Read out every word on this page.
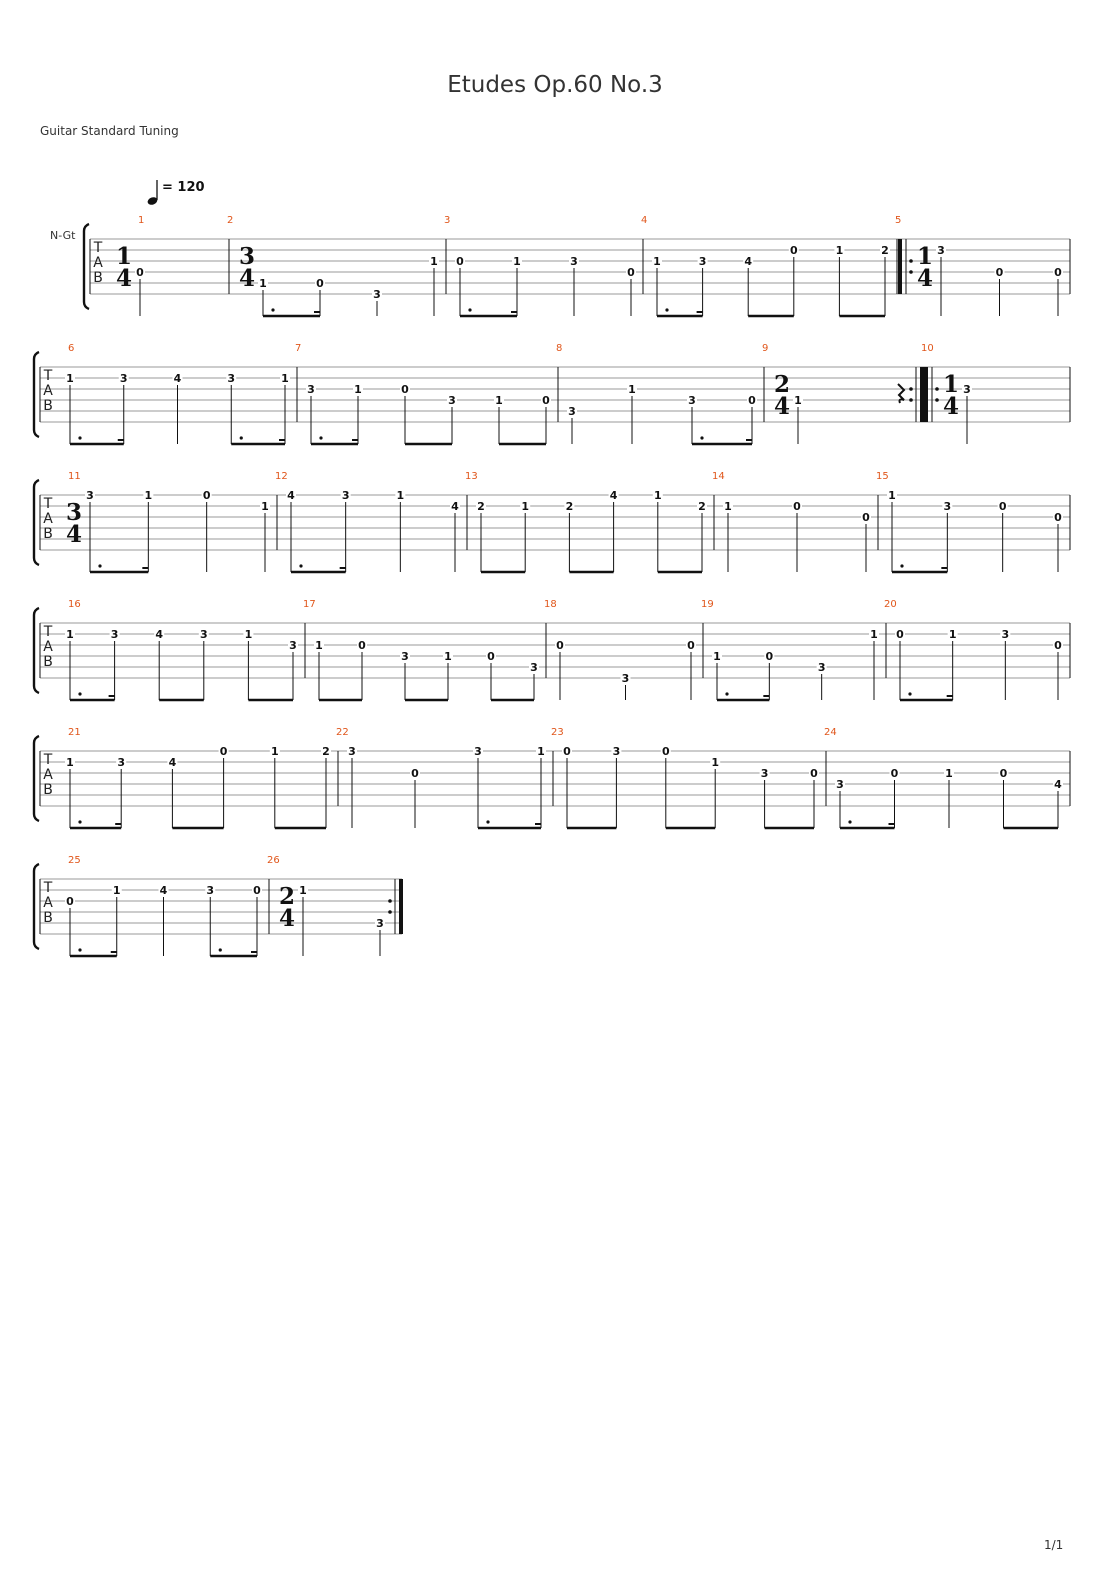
Etudes Op.60 No.3
Guitar Standard Tuning
= 120
N-Gt
T
A
B
1
1
4 0
2
3
4 1	0
3
1
3
0	1	3
0
4
1	3	4
0	1	2
5
1
4
3
0	0
T
A
B
6
1	3	4	3	1
7
3	1	0
3	1	0
8
3
1
3	0
9
2
4 1
10
1
4
3
T
A
B
11
3
4
3	1	0
1
12
4	3	1
4
13
2	1	2
4	1
2
14
1	0
0
15
1
3	0
0
T
A
B
16
1	3	4	3	1
3
17
1	0
3	1	0
3
18
0
3
0
19
1	0
3
1
20
0	1	3
0
T
A
B
21
1	3	4
0	1	2
22
3
0
3	1
23
0	3	0
1
3	0
24
3
0	1	0
4
T
A
B
25
0
1	4	3	0
26
2
4
1
3
1/1
